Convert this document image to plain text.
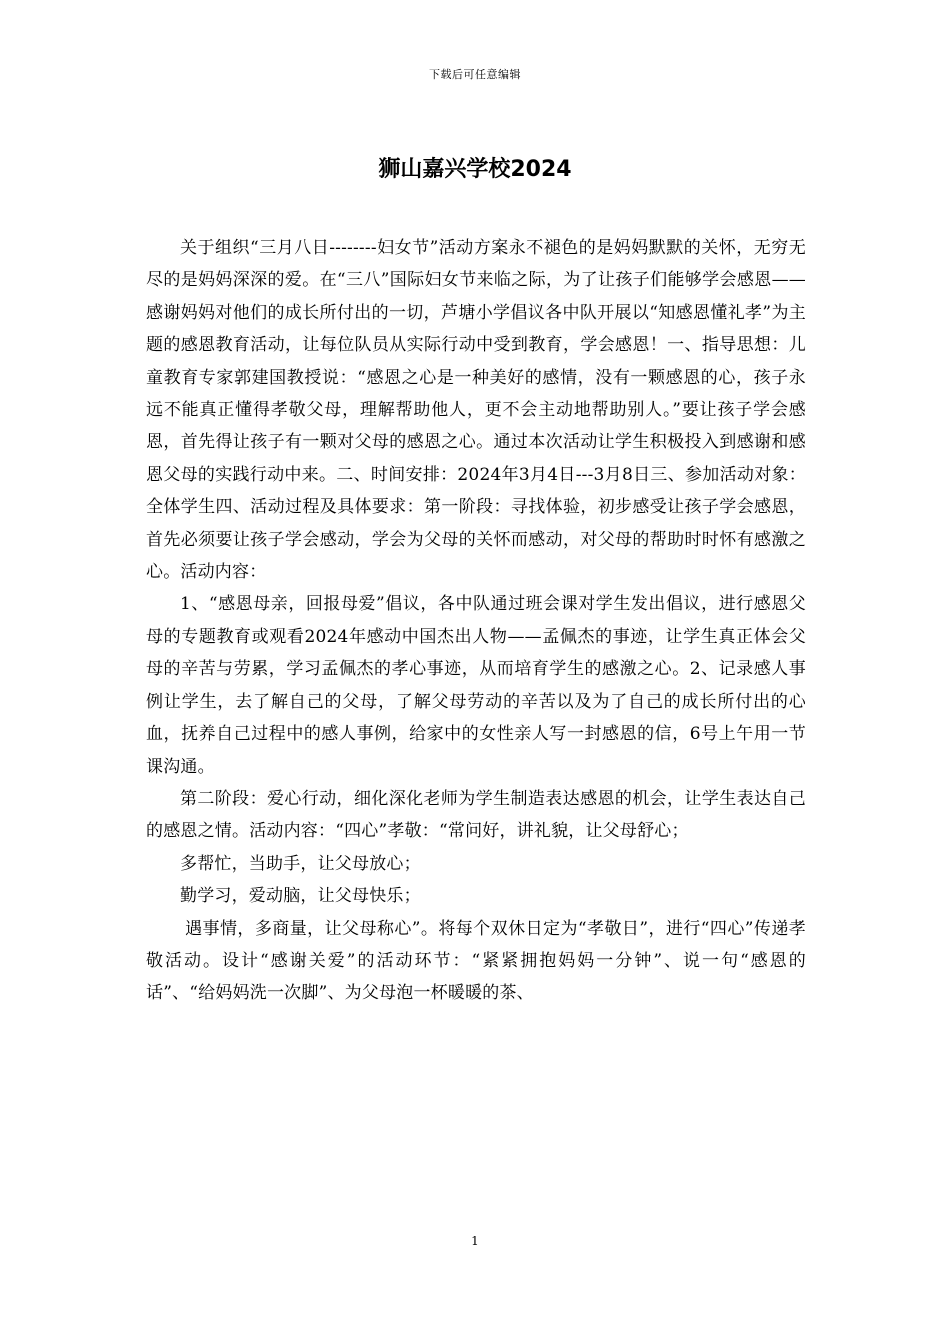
下载后可任意编辑
狮山嘉兴学校2024

关于组织“三月八日--------妇女节”活动方案永不褪色的是妈妈默默的关怀，无穷无尽的是妈妈深深的爱。在“三八”国际妇女节来临之际，为了让孩子们能够学会感恩——感谢妈妈对他们的成长所付出的一切，芦塘小学倡议各中队开展以“知感恩懂礼孝”为主题的感恩教育活动，让每位队员从实际行动中受到教育，学会感恩！一、指导思想：儿童教育专家郭建国教授说：“感恩之心是一种美好的感情，没有一颗感恩的心，孩子永远不能真正懂得孝敬父母，理解帮助他人，更不会主动地帮助别人。”要让孩子学会感恩，首先得让孩子有一颗对父母的感恩之心。通过本次活动让学生积极投入到感谢和感恩父母的实践行动中来。二、时间安排：2024年3月4日---3月8日三、参加活动对象：全体学生四、活动过程及具体要求：第一阶段：寻找体验，初步感受让孩子学会感恩，首先必须要让孩子学会感动，学会为父母的关怀而感动，对父母的帮助时时怀有感激之心。活动内容：

1、“感恩母亲，回报母爱”倡议，各中队通过班会课对学生发出倡议，进行感恩父母的专题教育或观看2024年感动中国杰出人物——孟佩杰的事迹，让学生真正体会父母的辛苦与劳累，学习孟佩杰的孝心事迹，从而培育学生的感激之心。2、记录感人事例让学生，去了解自己的父母，了解父母劳动的辛苦以及为了自己的成长所付出的心血，抚养自己过程中的感人事例，给家中的女性亲人写一封感恩的信，6号上午用一节课沟通。

第二阶段：爱心行动，细化深化老师为学生制造表达感恩的机会，让学生表达自己的感恩之情。活动内容：“四心”孝敬：“常问好，讲礼貌，让父母舒心；

多帮忙，当助手，让父母放心；

勤学习，爱动脑，让父母快乐；

遇事情，多商量，让父母称心”。将每个双休日定为“孝敬日”，进行“四心”传递孝敬活动。设计“感谢关爱”的活动环节：“紧紧拥抱妈妈一分钟”、说一句“感恩的话”、“给妈妈洗一次脚”、为父母泡一杯暖暖的茶、

1
